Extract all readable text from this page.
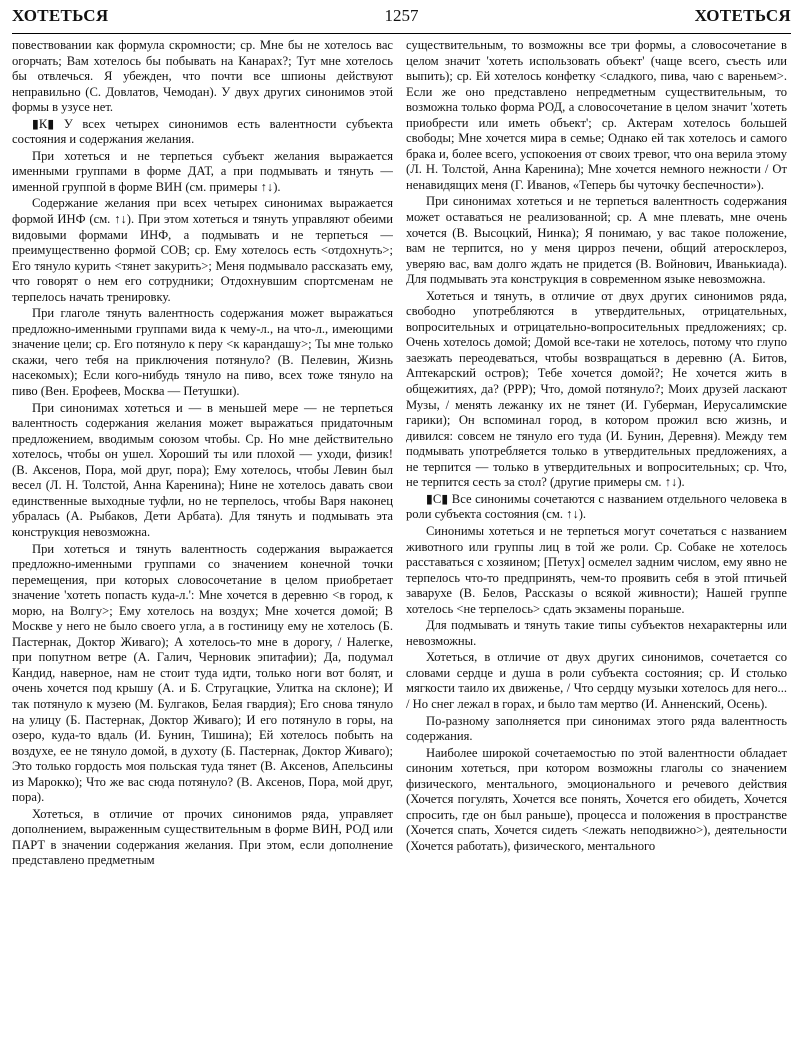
ХОТЕТЬСЯ	1257	ХОТЕТЬСЯ

повествовании как формула скромности; ср. Мне бы не хотелось вас огорчать; Вам хотелось бы побывать на Канарах?; Тут мне хотелось бы отвлечься. Я убежден, что почти все шпионы действуют неправильно (С. Довлатов, Чемодан). У двух других синонимов этой формы в узусе нет.

▮К▮ У всех четырех синонимов есть валентности субъекта состояния и содержания желания.

При хотеться и не терпеться субъект желания выражается именными группами в форме ДАТ, а при подмывать и тянуть — именной группой в форме ВИН (см. примеры ↑↓).

Содержание желания при всех четырех синонимах выражается формой ИНФ (см. ↑↓). При этом хотеться и тянуть управляют обеими видовыми формами ИНФ, а подмывать и не терпеться — преимущественно формой СОВ; ср. Ему хотелось есть <отдохнуть>; Его тянуло курить <тянет закурить>; Меня подмывало рассказать ему, что говорят о нем его сотрудники; Отдохнувшим спортсменам не терпелось начать тренировку.

При глаголе тянуть валентность содержания может выражаться предложно-именными группами вида к чему-л., на что-л., имеющими значение цели; ср. Его потянуло к перу <к карандашу>; Ты мне только скажи, чего тебя на приключения потянуло? (В. Пелевин, Жизнь насекомых); Если кого-нибудь тянуло на пиво, всех тоже тянуло на пиво (Вен. Ерофеев, Москва — Петушки).

При синонимах хотеться и — в меньшей мере — не терпеться валентность содержания желания может выражаться придаточным предложением, вводимым союзом чтобы. Ср. Но мне действительно хотелось, чтобы он ушел. Хороший ты или плохой — уходи, физик! (В. Аксенов, Пора, мой друг, пора); Ему хотелось, чтобы Левин был весел (Л. Н. Толстой, Анна Каренина); Нине не хотелось давать свои единственные выходные туфли, но не терпелось, чтобы Варя наконец убралась (А. Рыбаков, Дети Арбата). Для тянуть и подмывать эта конструкция невозможна.

При хотеться и тянуть валентность содержания выражается предложно-именными группами со значением конечной точки перемещения, при которых словосочетание в целом приобретает значение 'хотеть попасть куда-л.': Мне хочется в деревню <в город, к морю, на Волгу>; Ему хотелось на воздух; Мне хочется домой; В Москве у него не было своего угла, а в гостиницу ему не хотелось (Б. Пастернак, Доктор Живаго); А хотелось-то мне в дорогу, / Налегке, при попутном ветре (А. Галич, Черновик эпитафии); Да, подумал Кандид, наверное, нам не стоит туда идти, только ноги вот болят, и очень хочется под крышу (А. и Б. Стругацкие, Улитка на склоне); И так потянуло к музею (М. Булгаков, Белая гвардия); Его снова тянуло на улицу (Б. Пастернак, Доктор Живаго); И его потянуло в горы, на озеро, куда-то вдаль (И. Бунин, Тишина); Ей хотелось побыть на воздухе, ее не тянуло домой, в духоту (Б. Пастернак, Доктор Живаго); Это только гордость моя польская туда тянет (В. Аксенов, Апельсины из Марокко); Что же вас сюда потянуло? (В. Аксенов, Пора, мой друг, пора).

Хотеться, в отличие от прочих синонимов ряда, управляет дополнением, выраженным существительным в форме ВИН, РОД или ПАРТ в значении содержания желания. При этом, если дополнение представлено предметным

существительным, то возможны все три формы, а словосочетание в целом значит 'хотеть использовать объект' (чаще всего, съесть или выпить); ср. Ей хотелось конфетку <сладкого, пива, чаю с вареньем>. Если же оно представлено непредметным существительным, то возможна только форма РОД, а словосочетание в целом значит 'хотеть приобрести или иметь объект'; ср. Актерам хотелось большей свободы; Мне хочется мира в семье; Однако ей так хотелось и самого брака и, более всего, успокоения от своих тревог, что она верила этому (Л. Н. Толстой, Анна Каренина); Мне хочется немного нежности / От ненавидящих меня (Г. Иванов, «Теперь бы чуточку беспечности»).

При синонимах хотеться и не терпеться валентность содержания может оставаться не реализованной; ср. А мне плевать, мне очень хочется (В. Высоцкий, Нинка); Я понимаю, у вас такое положение, вам не терпится, но у меня цирроз печени, общий атеросклероз, уверяю вас, вам долго ждать не придется (В. Войнович, Иванькиада). Для подмывать эта конструкция в современном языке невозможна.

Хотеться и тянуть, в отличие от двух других синонимов ряда, свободно употребляются в утвердительных, отрицательных, вопросительных и отрицательно-вопросительных предложениях; ср. Очень хотелось домой; Домой все-таки не хотелось, потому что глупо заезжать переодеваться, чтобы возвращаться в деревню (А. Битов, Аптекарский остров); Тебе хочется домой?; Не хочется жить в общежитиях, да? (РРР); Что, домой потянуло?; Моих друзей ласкают Музы, / менять лежанку их не тянет (И. Губерман, Иерусалимские гарики); Он вспоминал город, в котором прожил всю жизнь, и дивился: совсем не тянуло его туда (И. Бунин, Деревня). Между тем подмывать употребляется только в утвердительных предложениях, а не терпится — только в утвердительных и вопросительных; ср. Что, не терпится сесть за стол? (другие примеры см. ↑↓).

▮С▮ Все синонимы сочетаются с названием отдельного человека в роли субъекта состояния (см. ↑↓).

Синонимы хотеться и не терпеться могут сочетаться с названием животного или группы лиц в той же роли. Ср. Собаке не хотелось расставаться с хозяином; [Петух] осмелел задним числом, ему явно не терпелось что-то предпринять, чем-то проявить себя в этой птичьей заварухе (В. Белов, Рассказы о всякой живности); Нашей группе хотелось <не терпелось> сдать экзамены пораньше.

Для подмывать и тянуть такие типы субъектов нехарактерны или невозможны.

Хотеться, в отличие от двух других синонимов, сочетается со словами сердце и душа в роли субъекта состояния; ср. И столько мягкости таило их движенье, / Что сердцу музыки хотелось для него... / Но снег лежал в горах, и было там мертво (И. Анненский, Осень).

По-разному заполняется при синонимах этого ряда валентность содержания.

Наиболее широкой сочетаемостью по этой валентности обладает синоним хотеться, при котором возможны глаголы со значением физического, ментального, эмоционального и речевого действия (Хочется погулять, Хочется все понять, Хочется его обидеть, Хочется спросить, где он был раньше), процесса и положения в пространстве (Хочется спать, Хочется сидеть <лежать неподвижно>), деятельности (Хочется работать), физического, ментального
